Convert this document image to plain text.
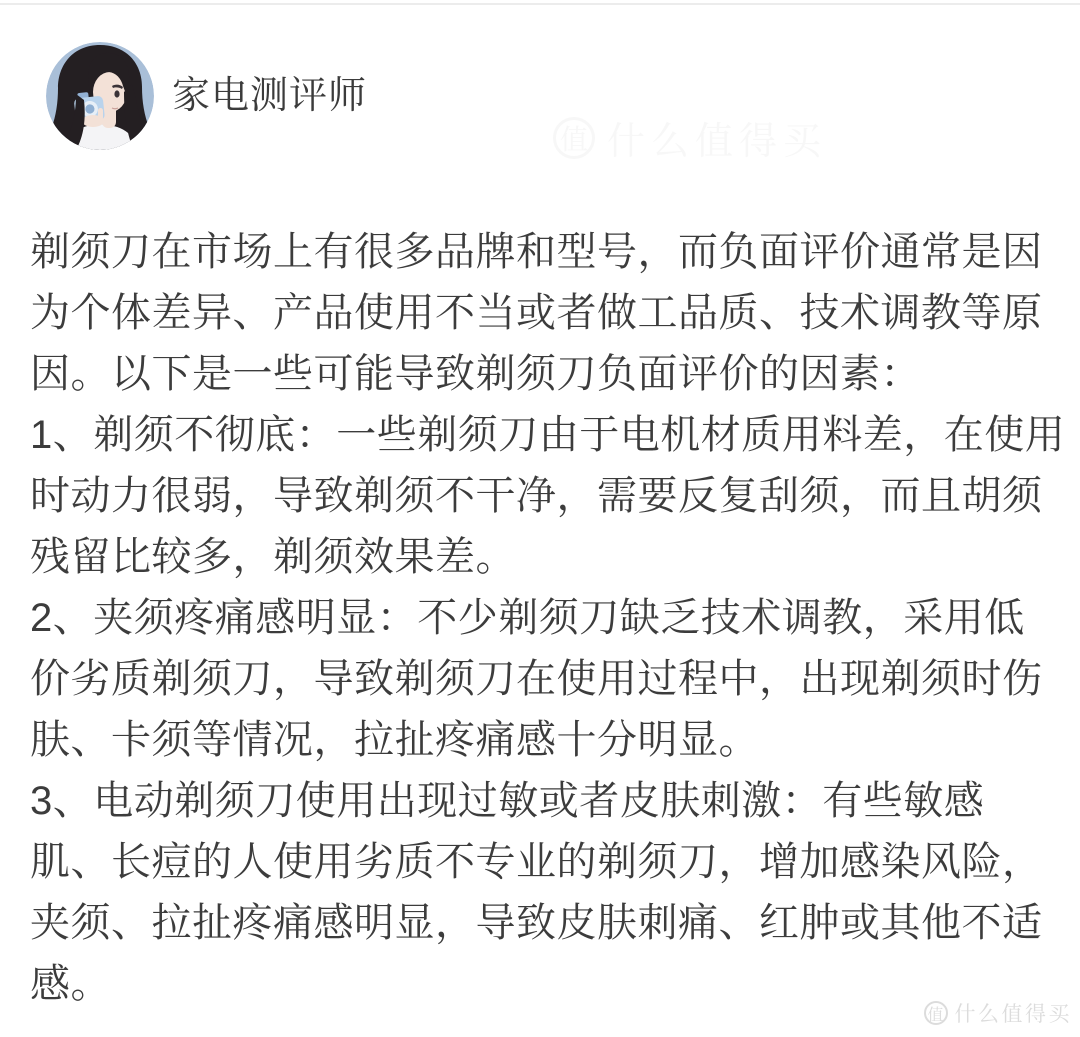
家电测评师
值 什么值得买
剃须刀在市场上有很多品牌和型号，而负面评价通常是因
为个体差异、产品使用不当或者做工品质、技术调教等原
因。以下是一些可能导致剃须刀负面评价的因素：
1、剃须不彻底：一些剃须刀由于电机材质用料差，在使用
时动力很弱，导致剃须不干净，需要反复刮须，而且胡须
残留比较多，剃须效果差。
2、夹须疼痛感明显：不少剃须刀缺乏技术调教，采用低
价劣质剃须刀，导致剃须刀在使用过程中，出现剃须时伤
肤、卡须等情况，拉扯疼痛感十分明显。
3、电动剃须刀使用出现过敏或者皮肤刺激：有些敏感
肌、长痘的人使用劣质不专业的剃须刀，增加感染风险，
夹须、拉扯疼痛感明显，导致皮肤刺痛、红肿或其他不适
感。
值 什么值得买
